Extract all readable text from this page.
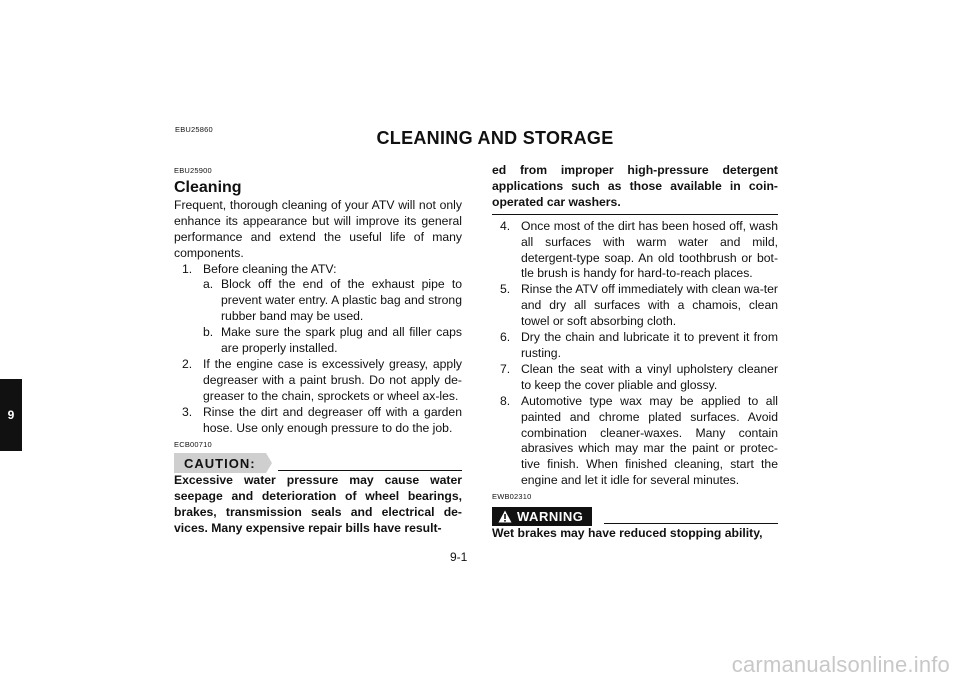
9
EBU25860	CLEANING AND STORAGE
EBU25900
Cleaning

Frequent, thorough cleaning of your ATV will not only enhance its appearance but will improve its general performance and extend the useful life of many components.

1. Before cleaning the ATV:
a. Block off the end of the exhaust pipe to prevent water entry. A plastic bag and strong rubber band may be used.
b. Make sure the spark plug and all filler caps are properly installed.
2. If the engine case is excessively greasy, apply degreaser with a paint brush. Do not apply de-greaser to the chain, sprockets or wheel ax-les.
3. Rinse the dirt and degreaser off with a garden hose. Use only enough pressure to do the job.
ECB00710
CAUTION:
Excessive water pressure may cause water seepage and deterioration of wheel bearings, brakes, transmission seals and electrical de-vices. Many expensive repair bills have result-
ed from improper high-pressure detergent applications such as those available in coin-operated car washers.
4. Once most of the dirt has been hosed off, wash all surfaces with warm water and mild, detergent-type soap. An old toothbrush or bot-tle brush is handy for hard-to-reach places.
5. Rinse the ATV off immediately with clean wa-ter and dry all surfaces with a chamois, clean towel or soft absorbing cloth.
6. Dry the chain and lubricate it to prevent it from rusting.
7. Clean the seat with a vinyl upholstery cleaner to keep the cover pliable and glossy.
8. Automotive type wax may be applied to all painted and chrome plated surfaces. Avoid combination cleaner-waxes. Many contain abrasives which may mar the paint or protec-tive finish. When finished cleaning, start the engine and let it idle for several minutes.
EWB02310
WARNING
Wet brakes may have reduced stopping ability,
9-1
carmanualsonline.info
